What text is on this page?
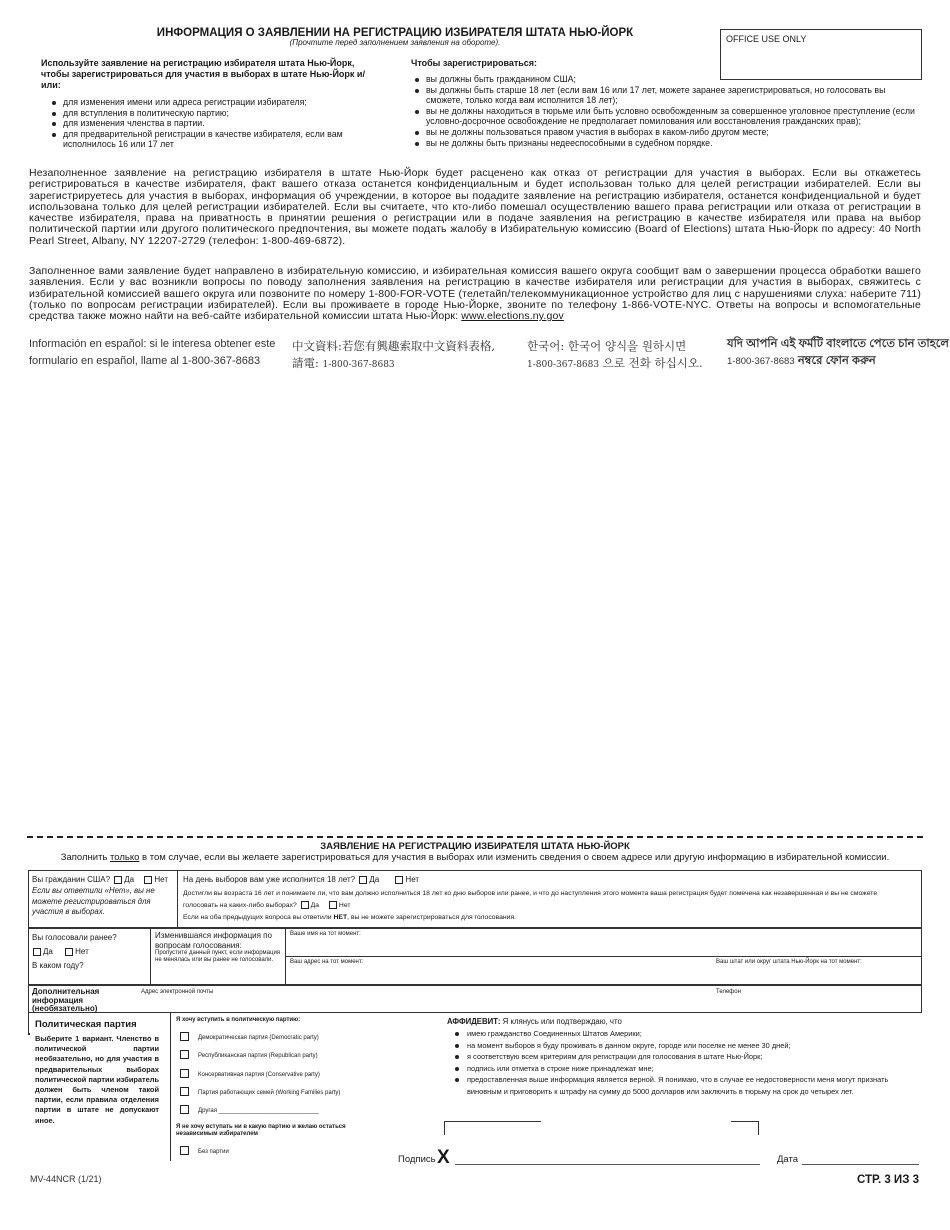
ИНФОРМАЦИЯ О ЗАЯВЛЕНИИ НА РЕГИСТРАЦИЮ ИЗБИРАТЕЛЯ ШТАТА НЬЮ-ЙОРК
(Прочтите перед заполнением заявления на обороте).	OFFICE USE ONLY
Используйте заявление на регистрацию избирателя штата Нью-Йорк, чтобы зарегистрироваться для участия в выборах в штате Нью-Йорк и/или:
для изменения имени или адреса регистрации избирателя;
для вступления в политическую партию;
для изменения членства в партии.
для предварительной регистрации в качестве избирателя, если вам исполнилось 16 или 17 лет
Чтобы зарегистрироваться:
вы должны быть гражданином США;
вы должны быть старше 18 лет (если вам 16 или 17 лет, можете заранее зарегистрироваться, но голосовать вы сможете, только когда вам исполнится 18 лет);
вы не должны находиться в тюрьме или быть условно освобожденным за совершенное уголовное преступление (если условно-досрочное освобождение не предполагает помилования или восстановления гражданских прав);
вы не должны пользоваться правом участия в выборах в каком-либо другом месте;
вы не должны быть признаны недееспособными в судебном порядке.
Незаполненное заявление на регистрацию избирателя в штате Нью-Йорк будет расценено как отказ от регистрации для участия в выборах. Если вы откажетесь регистрироваться в качестве избирателя, факт вашего отказа останется конфиденциальным и будет использован только для целей регистрации избирателей. Если вы зарегистрируетесь для участия в выборах, информация об учреждении, в которое вы подадите заявление на регистрацию избирателя, останется конфиденциальной и будет использована только для целей регистрации избирателей. Если вы считаете, что кто-либо помешал осуществлению вашего права регистрации или отказа от регистрации в качестве избирателя, права на приватность в принятии решения о регистрации или в подаче заявления на регистрацию в качестве избирателя или права на выбор политической партии или другого политического предпочтения, вы можете подать жалобу в Избирательную комиссию (Board of Elections) штата Нью-Йорк по адресу: 40 North Pearl Street, Albany, NY 12207-2729 (телефон: 1-800-469-6872).
Заполненное вами заявление будет направлено в избирательную комиссию, и избирательная комиссия вашего округа сообщит вам о завершении процесса обработки вашего заявления. Если у вас возникли вопросы по поводу заполнения заявления на регистрацию в качестве избирателя или регистрации для участия в выборах, свяжитесь с избирательной комиссией вашего округа или позвоните по номеру 1-800-FOR-VOTE (телетайп/телекоммуникационное устройство для лиц с нарушениями слуха: наберите 711) (только по вопросам регистрации избирателей). Если вы проживаете в городе Нью-Йорке, звоните по телефону 1-866-VOTE-NYC. Ответы на вопросы и вспомогательные средства также можно найти на веб-сайте избирательной комиссии штата Нью-Йорк: www.elections.ny.gov
Información en español: si le interesa obtener este
formulario en español, llame al 1-800-367-8683
中文資料:若您有興趣索取中文資料表格,
請電: 1-800-367-8683
한국어: 한국어 양식을 원하시면
1-800-367-8683 으로 전화 하십시오.
যদি আপনি এই ফর্মটি বাংলাতে পেতে চান তাহলে
1-800-367-8683 নম্বরে ফোন করুন
ЗАЯВЛЕНИЕ НА РЕГИСТРАЦИЮ ИЗБИРАТЕЛЯ ШТАТА НЬЮ-ЙОРК
Заполнить только в том случае, если вы желаете зарегистрироваться для участия в выборах или изменить сведения о своем адресе или другую информацию в избирательной комиссии.
Вы гражданин США? Да	Нет
Если вы ответили «Нет», вы не можете регистрироваться для участия в выборах.
На день выборов вам уже исполнится 18 лет? Да	Нет
Достигли вы возраста 16 лет и понимаете ли, что вам должно исполниться 18 лет ко дню выборов или ранее, и что до наступления этого момента ваша регистрация будет помечена как незавершенная и вы не сможете голосовать на каких-либо выборах? Да	Нет
Если на оба предыдущих вопроса вы ответили НЕТ, вы не можете зарегистрироваться для голосования.
Вы голосовали ранее?
Да	Нет
В каком году?
Изменившаяся информация по вопросам голосования:
Пропустите данный пункт, если информация не менялась или вы ранее не голосовали.
Ваше имя на тот момент:
Ваш адрес на тот момент:	Ваш штат или округ штата Нью-Йорк на тот момент:
Дополнительная информация (необязательно)
Адрес электронной почты	Телефон
Политическая партия
Выберите 1 вариант. Членство в политической партии необязательно, но для участия в предварительных выборах политической партии избиратель должен быть членом такой партии, если правила отделения партии в штате не допускают иное.
Я хочу вступить в политическую партию:
Демократическая партия (Democratic party)
Республиканская партия (Republican party)
Консервативная партия (Conservative party)
Партия работающих семей (Working Families party)
Другая ______________________________
Я не хочу вступать ни в какую партию и желаю остаться независимым избирателем
Без партии
АФФИДЕВИТ: Я клянусь или подтверждаю, что
имею гражданство Соединенных Штатов Америки;
на момент выборов я буду проживать в данном округе, городе или поселке не менее 30 дней;
я соответствую всем критериям для регистрации для голосования в штате Нью-Йорк;
подпись или отметка в строке ниже принадлежат мне;
предоставленная выше информация является верной. Я понимаю, что в случае ее недостоверности меня могут признать виновным и приговорить к штрафу на сумму до 5000 долларов или заключить в тюрьму на срок до четырех лет.
Подпись X	Дата
MV-44NCR (1/21)	СТР. 3 ИЗ 3
